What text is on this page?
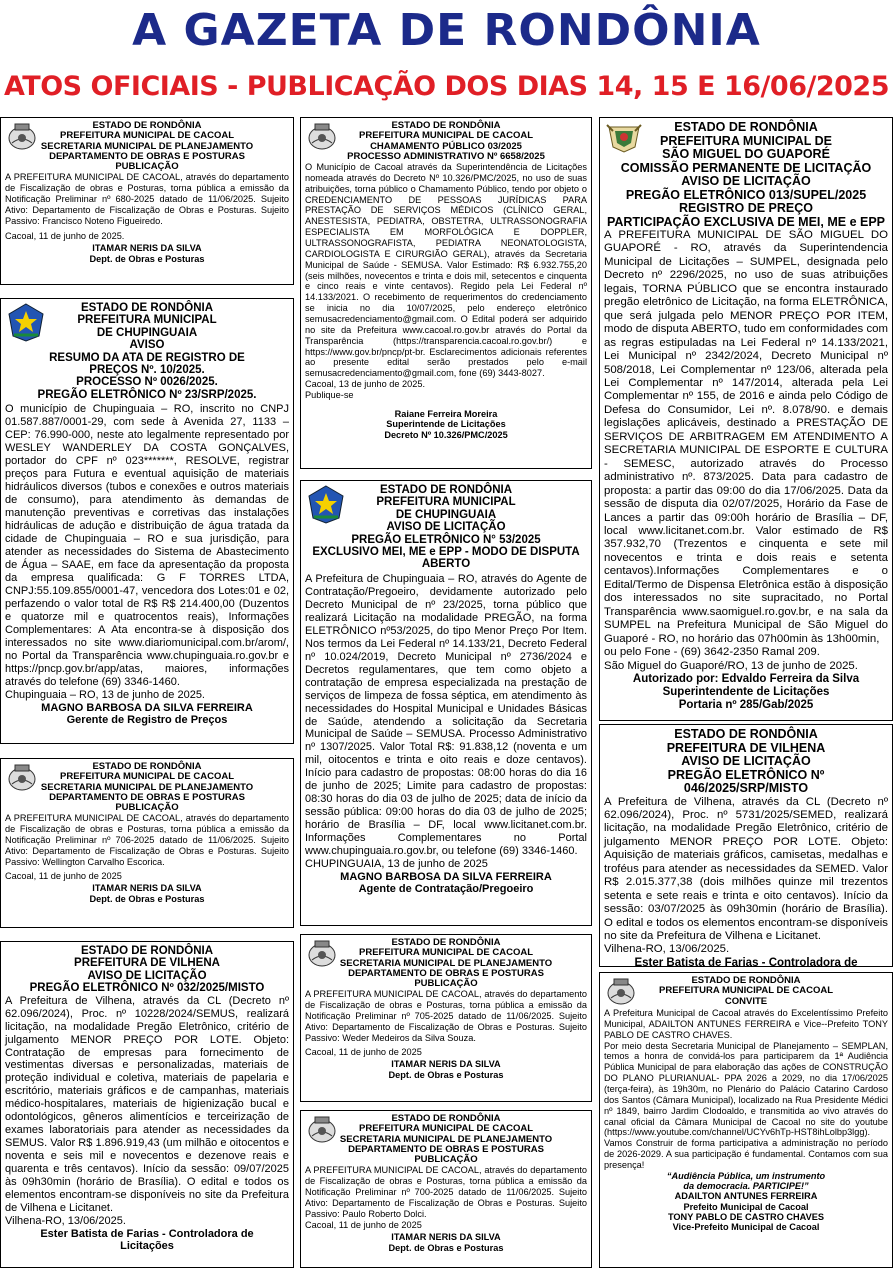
A GAZETA DE RONDÔNIA
ATOS OFICIAIS - PUBLICAÇÃO DOS DIAS 14, 15 E 16/06/2025
ESTADO DE RONDÔNIA
PREFEITURA MUNICIPAL DE CACOAL
SECRETARIA MUNICIPAL DE PLANEJAMENTO
DEPARTAMENTO DE OBRAS E POSTURAS
PUBLICAÇÃO
A PREFEITURA MUNICIPAL DE CACOAL, através do departamento de Fiscalização de obras e Posturas, torna pública a emissão da Notificação Preliminar nº 680-2025 datado de 11/06/2025. Sujeito Ativo: Departamento de Fiscalização de Obras e Posturas. Sujeito Passivo: Francisco Noteno Figueiredo.
Cacoal, 11 de junho de 2025.
ITAMAR NERIS DA SILVA
Dept. de Obras e Posturas
ESTADO DE RONDÔNIA
PREFEITURA MUNICIPAL
DE CHUPINGUAIA
AVISO
RESUMO DA ATA DE REGISTRO DE
PREÇOS Nº. 10/2025.
PROCESSO Nº 0026/2025.
PREGÃO ELETRÔNICO Nº 23/SRP/2025.
O município de Chupinguaia – RO, inscrito no CNPJ 01.587.887/0001-29, com sede à Avenida 27, 1133 – CEP: 76.990-000, neste ato legalmente representado por WESLEY WANDERLEY DA COSTA GONÇALVES, portador do CPF nº 023*******, RESOLVE, registrar preços para Futura e eventual aquisição de materiais hidráulicos diversos (tubos e conexões e outros materiais de consumo), para atendimento às demandas de manutenção preventivas e corretivas das instalações hidráulicas de adução e distribuição de água tratada da cidade de Chupinguaia – RO e sua jurisdição, para atender as necessidades do Sistema de Abastecimento de Água – SAAE, em face da apresentação da proposta da empresa qualificada: G F TORRES LTDA, CNPJ:55.109.855/0001-47, vencedora dos Lotes:01 e 02, perfazendo o valor total de R$ R$ 214.400,00 (Duzentos e quatorze mil e quatrocentos reais), Informações Complementares: A Ata encontra-se à disposição dos interessados no site www.diariomunicipal.com.br/arom/, no Portal da Transparência www.chupinguaia.ro.gov.br e https://pncp.gov.br/app/atas, maiores, informações através do telefone (69) 3346-1460.
Chupinguaia – RO, 13 de junho de 2025.
MAGNO BARBOSA DA SILVA FERREIRA
Gerente de Registro de Preços
ESTADO DE RONDÔNIA
PREFEITURA MUNICIPAL DE CACOAL
SECRETARIA MUNICIPAL DE PLANEJAMENTO
DEPARTAMENTO DE OBRAS E POSTURAS
PUBLICAÇÃO
A PREFEITURA MUNICIPAL DE CACOAL, através do departamento de Fiscalização de obras e Posturas, torna pública a emissão da Notificação Preliminar nº 706-2025 datado de 11/06/2025. Sujeito Ativo: Departamento de Fiscalização de Obras e Posturas. Sujeito Passivo: Wellington Carvalho Escorica.
Cacoal, 11 de junho de 2025
ITAMAR NERIS DA SILVA
Dept. de Obras e Posturas
ESTADO DE RONDÔNIA
PREFEITURA DE VILHENA
AVISO DE LICITAÇÃO
PREGÃO ELETRÔNICO Nº 032/2025/MISTO
A Prefeitura de Vilhena, através da CL (Decreto nº 62.096/2024), Proc. nº 10228/2024/SEMUS, realizará licitação, na modalidade Pregão Eletrônico, critério de julgamento MENOR PREÇO POR LOTE. Objeto: Contratação de empresas para fornecimento de vestimentas diversas e personalizadas, materiais de proteção individual e coletiva, materiais de papelaria e escritório, materiais gráficos e de campanhas, materiais médico-hospitalares, materiais de higienização bucal e odontológicos, gêneros alimentícios e terceirização de exames laboratoriais para atender as necessidades da SEMUS. Valor R$ 1.896.919,43 (um milhão e oitocentos e noventa e seis mil e novecentos e dezenove reais e quarenta e três centavos). Início da sessão: 09/07/2025 às 09h30min (horário de Brasília). O edital e todos os elementos encontram-se disponíveis no site da Prefeitura de Vilhena e Licitanet.
Vilhena-RO, 13/06/2025.
Ester Batista de Farias - Controladora de
Licitações
ESTADO DE RONDÔNIA
PREFEITURA MUNICIPAL DE CACOAL
CHAMAMENTO PÚBLICO 03/2025
PROCESSO ADMINISTRATIVO Nº 6658/2025
O Município de Cacoal através da Superintendência de Licitações nomeada através do Decreto Nº 10.326/PMC/2025, no uso de suas atribuições, torna público o Chamamento Público, tendo por objeto o CREDENCIAMENTO DE PESSOAS JURÍDICAS PARA PRESTAÇÃO DE SERVIÇOS MÉDICOS (CLÍNICO GERAL, ANESTESISTA, PEDIATRA, OBSTETRA, ULTRASSONOGRAFIA ESPECIALISTA EM MORFOLÓGICA E DOPPLER, ULTRASSONOGRAFISTA, PEDIATRA NEONATOLOGISTA, CARDIOLOGISTA E CIRURGIÃO GERAL), através da Secretaria Municipal de Saúde - SEMUSA. Valor Estimado: R$ 6.932.755,20 (seis milhões, novecentos e trinta e dois mil, setecentos e cinquenta e cinco reais e vinte centavos). Regido pela Lei Federal nº 14.133/2021. O recebimento de requerimentos do credenciamento se inicia no dia 10/07/2025, pelo endereço eletrônico semusacredenciamento@gmail.com. O Edital poderá ser adquirido no site da Prefeitura www.cacoal.ro.gov.br através do Portal da Transparência (https://transparencia.cacoal.ro.gov.br/) e https://www.gov.br/pncp/pt-br. Esclarecimentos adicionais referentes ao presente edital serão prestados pelo e-mail semusacredenciamento@gmail.com, fone (69) 3443-8027.
Cacoal, 13 de junho de 2025.
Publique-se
Raiane Ferreira Moreira
Superintende de Licitações
Decreto Nº 10.326/PMC/2025
ESTADO DE RONDÔNIA
PREFEITURA MUNICIPAL
DE CHUPINGUAIA
AVISO DE LICITAÇÃO
PREGÃO ELETRÔNICO N° 53/2025
EXCLUSIVO MEI, ME e EPP - MODO DE DISPUTA
ABERTO
A Prefeitura de Chupinguaia – RO, através do Agente de Contratação/Pregoeiro, devidamente autorizado pelo Decreto Municipal de nº 23/2025, torna público que realizará Licitação na modalidade PREGÃO, na forma ELETRÔNICO nº53/2025, do tipo Menor Preço Por Item. Nos termos da Lei Federal nº 14.133/21, Decreto Federal nº 10.024/2019, Decreto Municipal nº 2736/2024 e Decretos regulamentares, que tem como objeto a contratação de empresa especializada na prestação de serviços de limpeza de fossa séptica, em atendimento às necessidades do Hospital Municipal e Unidades Básicas de Saúde, atendendo a solicitação da Secretaria Municipal de Saúde – SEMUSA. Processo Administrativo nº 1307/2025. Valor Total R$: 91.838,12 (noventa e um mil, oitocentos e trinta e oito reais e doze centavos). Início para cadastro de propostas: 08:00 horas do dia 16 de junho de 2025; Limite para cadastro de propostas: 08:30 horas do dia 03 de julho de 2025; data de início da sessão pública: 09:00 horas do dia 03 de julho de 2025; horário de Brasília – DF, local www.licitanet.com.br. Informações Complementares no Portal www.chupinguaia.ro.gov.br, ou telefone (69) 3346-1460.
CHUPINGUAIA, 13 de junho de 2025
MAGNO BARBOSA DA SILVA FERREIRA
Agente de Contratação/Pregoeiro
ESTADO DE RONDÔNIA
PREFEITURA MUNICIPAL DE CACOAL
SECRETARIA MUNICIPAL DE PLANEJAMENTO
DEPARTAMENTO DE OBRAS E POSTURAS
PUBLICAÇÃO
A PREFEITURA MUNICIPAL DE CACOAL, através do departamento de Fiscalização de obras e Posturas, torna pública a emissão da Notificação Preliminar nº 705-2025 datado de 11/06/2025. Sujeito Ativo: Departamento de Fiscalização de Obras e Posturas. Sujeito Passivo: Weder Medeiros da Silva Souza.
Cacoal, 11 de junho de 2025
ITAMAR NERIS DA SILVA
Dept. de Obras e Posturas
ESTADO DE RONDÔNIA
PREFEITURA MUNICIPAL DE CACOAL
SECRETARIA MUNICIPAL DE PLANEJAMENTO
DEPARTAMENTO DE OBRAS E POSTURAS
PUBLICAÇÃO
A PREFEITURA MUNICIPAL DE CACOAL, através do departamento de Fiscalização de obras e Posturas, torna pública a emissão da Notificação Preliminar nº 700-2025 datado de 11/06/2025. Sujeito Ativo: Departamento de Fiscalização de Obras e Posturas. Sujeito Passivo: Paulo Roberto Dolci.
Cacoal, 11 de junho de 2025
ITAMAR NERIS DA SILVA
Dept. de Obras e Posturas
ESTADO DE RONDÔNIA
PREFEITURA MUNICIPAL DE
SÃO MIGUEL DO GUAPORÉ
COMISSÃO PERMANENTE DE LICITAÇÃO
AVISO DE LICITAÇÃO
PREGÃO ELETRÔNICO 013/SUPEL/2025
REGISTRO DE PREÇO
PARTICIPAÇÃO EXCLUSIVA DE MEI, ME e EPP
A PREFEITURA MUNICIPAL DE SÃO MIGUEL DO GUAPORÉ - RO, através da Superintendencia Municipal de Licitações – SUMPEL, designada pelo Decreto nº 2296/2025, no uso de suas atribuições legais, TORNA PÚBLICO que se encontra instaurado pregão eletrônico de Licitação, na forma ELETRÔNICA, que será julgada pelo MENOR PREÇO POR ITEM, modo de disputa ABERTO, tudo em conformidades com as regras estipuladas na Lei Federal nº 14.133/2021, Lei Municipal nº 2342/2024, Decreto Municipal nº 508/2018, Lei Complementar nº 123/06, alterada pela Lei Complementar nº 147/2014, alterada pela Lei Complementar nº 155, de 2016 e ainda pelo Código de Defesa do Consumidor, Lei nº. 8.078/90. e demais legislações aplicáveis, destinado a PRESTAÇÃO DE SERVIÇOS DE ARBITRAGEM EM ATENDIMENTO A SECRETARIA MUNICIPAL DE ESPORTE E CULTURA - SEMESC, autorizado através do Processo administrativo nº. 873/2025. Data para cadastro de proposta: a partir das 09:00 do dia 17/06/2025. Data da sessão de disputa dia 02/07/2025, Horário da Fase de Lances a partir das 09:00h horário de Brasília – DF, local www.licitanet.com.br. Valor estimado de R$ 357.932,70 (Trezentos e cinquenta e sete mil novecentos e trinta e dois reais e setenta centavos).Informações Complementares e o Edital/Termo de Dispensa Eletrônica estão à disposição dos interessados no site supracitado, no Portal Transparência www.saomiguel.ro.gov.br, e na sala da SUMPEL na Prefeitura Municipal de São Miguel do Guaporé - RO, no horário das 07h00min às 13h00min,
ou pelo Fone - (69) 3642-2350 Ramal 209.
São Miguel do Guaporé/RO, 13 de junho de 2025.
Autorizado por: Edvaldo Ferreira da Silva
Superintendente de Licitações
Portaria nº 285/Gab/2025
ESTADO DE RONDÔNIA
PREFEITURA DE VILHENA
AVISO DE LICITAÇÃO
PREGÃO ELETRÔNICO Nº 046/2025/SRP/MISTO
A Prefeitura de Vilhena, através da CL (Decreto nº 62.096/2024), Proc. nº 5731/2025/SEMED, realizará licitação, na modalidade Pregão Eletrônico, critério de julgamento MENOR PREÇO POR LOTE. Objeto: Aquisição de materiais gráficos, camisetas, medalhas e troféus para atender as necessidades da SEMED. Valor R$ 2.015.377,38 (dois milhões quinze mil trezentos setenta e sete reais e trinta e oito centavos). Início da sessão: 03/07/2025 às 09h30min (horário de Brasília). O edital e todos os elementos encontram-se disponíveis no site da Prefeitura de Vilhena e Licitanet.
Vilhena-RO, 13/06/2025.
Ester Batista de Farias - Controladora de
ESTADO DE RONDÔNIA
PREFEITURA MUNICIPAL DE CACOAL
CONVITE
A Prefeitura Municipal de Cacoal através do Excelentíssimo Prefeito Municipal, ADAILTON ANTUNES FERREIRA e Vice--Prefeito TONY PABLO DE CASTRO CHAVES.
Por meio desta Secretaria Municipal de Planejamento – SEMPLAN, temos a honra de convidá-los para participarem da 1ª Audiência Pública Municipal de para elaboração das ações de CONSTRUÇÃO DO PLANO PLURIANUAL- PPA 2026 a 2029, no dia 17/06/2025 (terça-feira), às 19h30m, no Plenário do Palácio Catarino Cardoso dos Santos (Câmara Municipal), localizado na Rua Presidente Médici nº 1849, bairro Jardim Clodoaldo, e transmitida ao vivo através do canal oficial da Câmara Municipal de Cacoal no site do youtube (https://www.youtube.com/channel/UCYv6hTp-HST8ihLolbp3lgg).
Vamos Construir de forma participativa a administração no período de 2026-2029. A sua participação é fundamental. Contamos com sua presença!
“Audiência Pública, um instrumento
da democracia. PARTICIPE!”
ADAILTON ANTUNES FERREIRA
Prefeito Municipal de Cacoal
TONY PABLO DE CASTRO CHAVES
Vice-Prefeito Municipal de Cacoal
